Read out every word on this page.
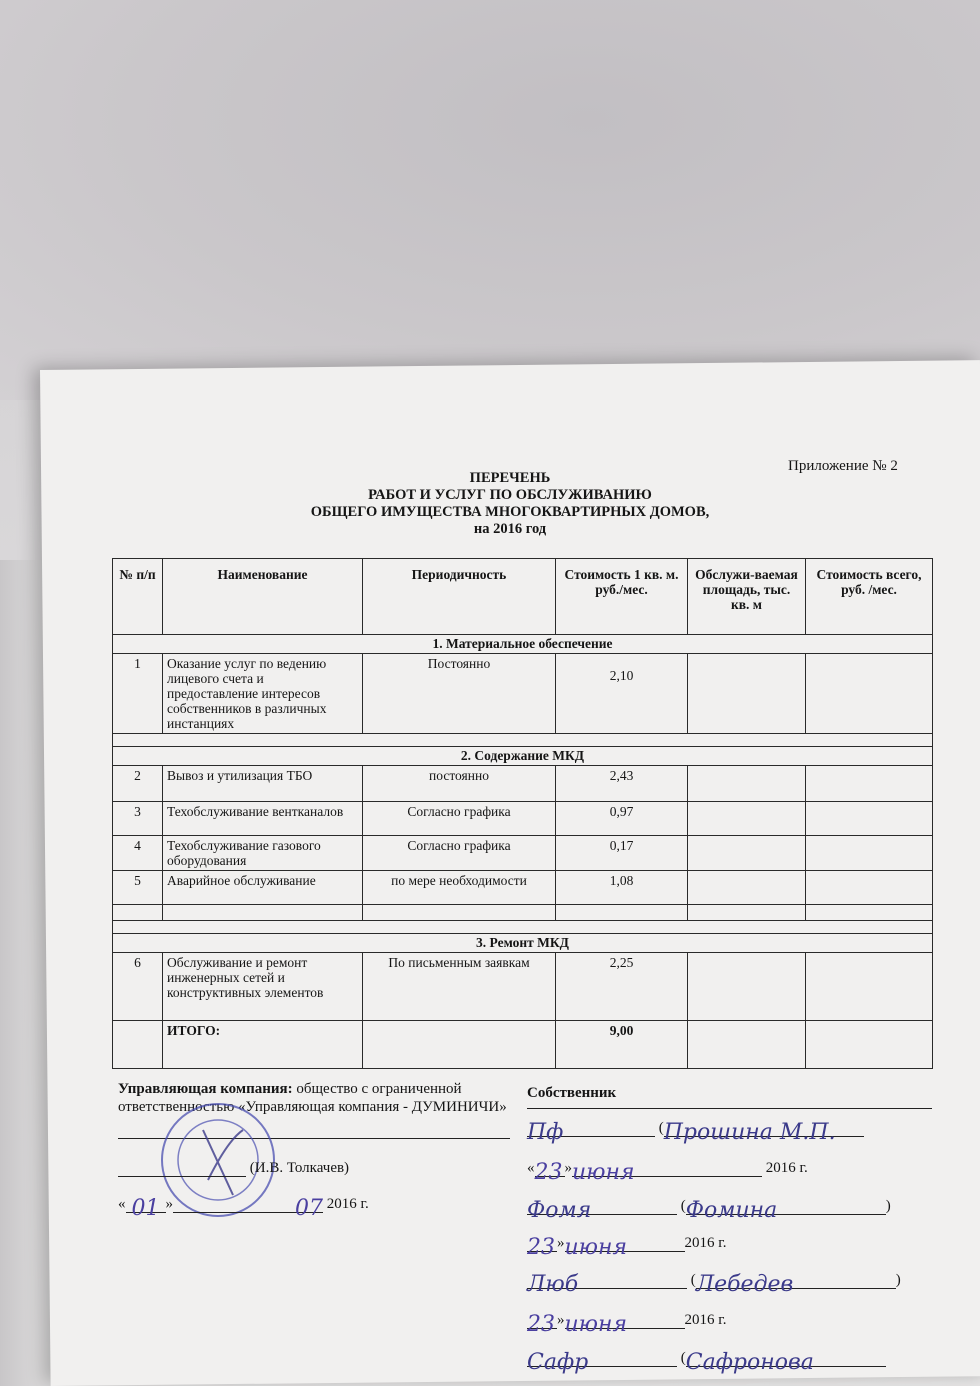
Приложение № 2
ПЕРЕЧЕНЬ
РАБОТ И УСЛУГ ПО ОБСЛУЖИВАНИЮ
ОБЩЕГО ИМУЩЕСТВА МНОГОКВАРТИРНЫХ ДОМОВ,
на 2016 год
№ п/п	Наименование	Периодичность	Стоимость 1 кв. м. руб./мес.	Обслужи-ваемая площадь, тыс. кв. м	Стоимость всего, руб. /мес.
1. Материальное обеспечение					
1	Оказание услуг по ведению лицевого счета и предоставление интересов собственников в различных инстанциях	Постоянно	2,10		

2. Содержание МКД					
2	Вывоз и утилизация ТБО	постоянно	2,43		
3	Техобслуживание вентканалов	Согласно графика	0,97		
4	Техобслуживание газового оборудования	Согласно графика	0,17		
5	Аварийное обслуживание	по мере необходимости	1,08		

3. Ремонт МКД					
6	Обслуживание и ремонт инженерных сетей и конструктивных элементов	По письменным заявкам	2,25		
	ИТОГО:		9,00		
Управляющая компания: общество с ограниченной ответственностью «Управляющая компания - ДУМИНИЧИ»
(И.В. Толкачев)
« 01 »	07 2016 г.
Собственник
Пф	(Прошина М.П.
«23 »июня	2016 г.
Фомя	(Фомина	)
23 »июня	2016 г.
Люб	(Лебедев	)
23 »июня	2016 г.
Сафр	(Сафронова
